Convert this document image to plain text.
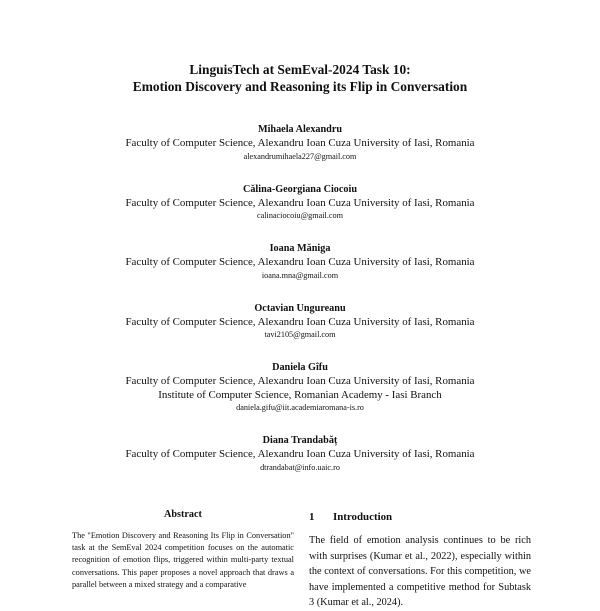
LinguisTech at SemEval-2024 Task 10:
Emotion Discovery and Reasoning its Flip in Conversation
Mihaela Alexandru
Faculty of Computer Science, Alexandru Ioan Cuza University of Iasi, Romania
alexandrumihaela227@gmail.com
Călina-Georgiana Ciocoiu
Faculty of Computer Science, Alexandru Ioan Cuza University of Iasi, Romania
calinaciocoiu@gmail.com
Ioana Măniga
Faculty of Computer Science, Alexandru Ioan Cuza University of Iasi, Romania
ioana.mna@gmail.com
Octavian Ungureanu
Faculty of Computer Science, Alexandru Ioan Cuza University of Iasi, Romania
tavi2105@gmail.com
Daniela Gîfu
Faculty of Computer Science, Alexandru Ioan Cuza University of Iasi, Romania
Institute of Computer Science, Romanian Academy - Iasi Branch
daniela.gifu@iit.academiaromana-is.ro
Diana Trandabăț
Faculty of Computer Science, Alexandru Ioan Cuza University of Iasi, Romania
dtrandabat@info.uaic.ro
Abstract
The "Emotion Discovery and Reasoning Its Flip in Conversation" task at the SemEval 2024 competition focuses on the automatic recognition of emotion flips, triggered within multi-party textual conversations. This paper proposes a novel approach that draws a parallel between a mixed strategy and a comparative
1 Introduction
The field of emotion analysis continues to be rich with surprises (Kumar et al., 2022), especially within the context of conversations. For this competition, we have implemented a competitive method for Subtask 3 (Kumar et al., 2024).
